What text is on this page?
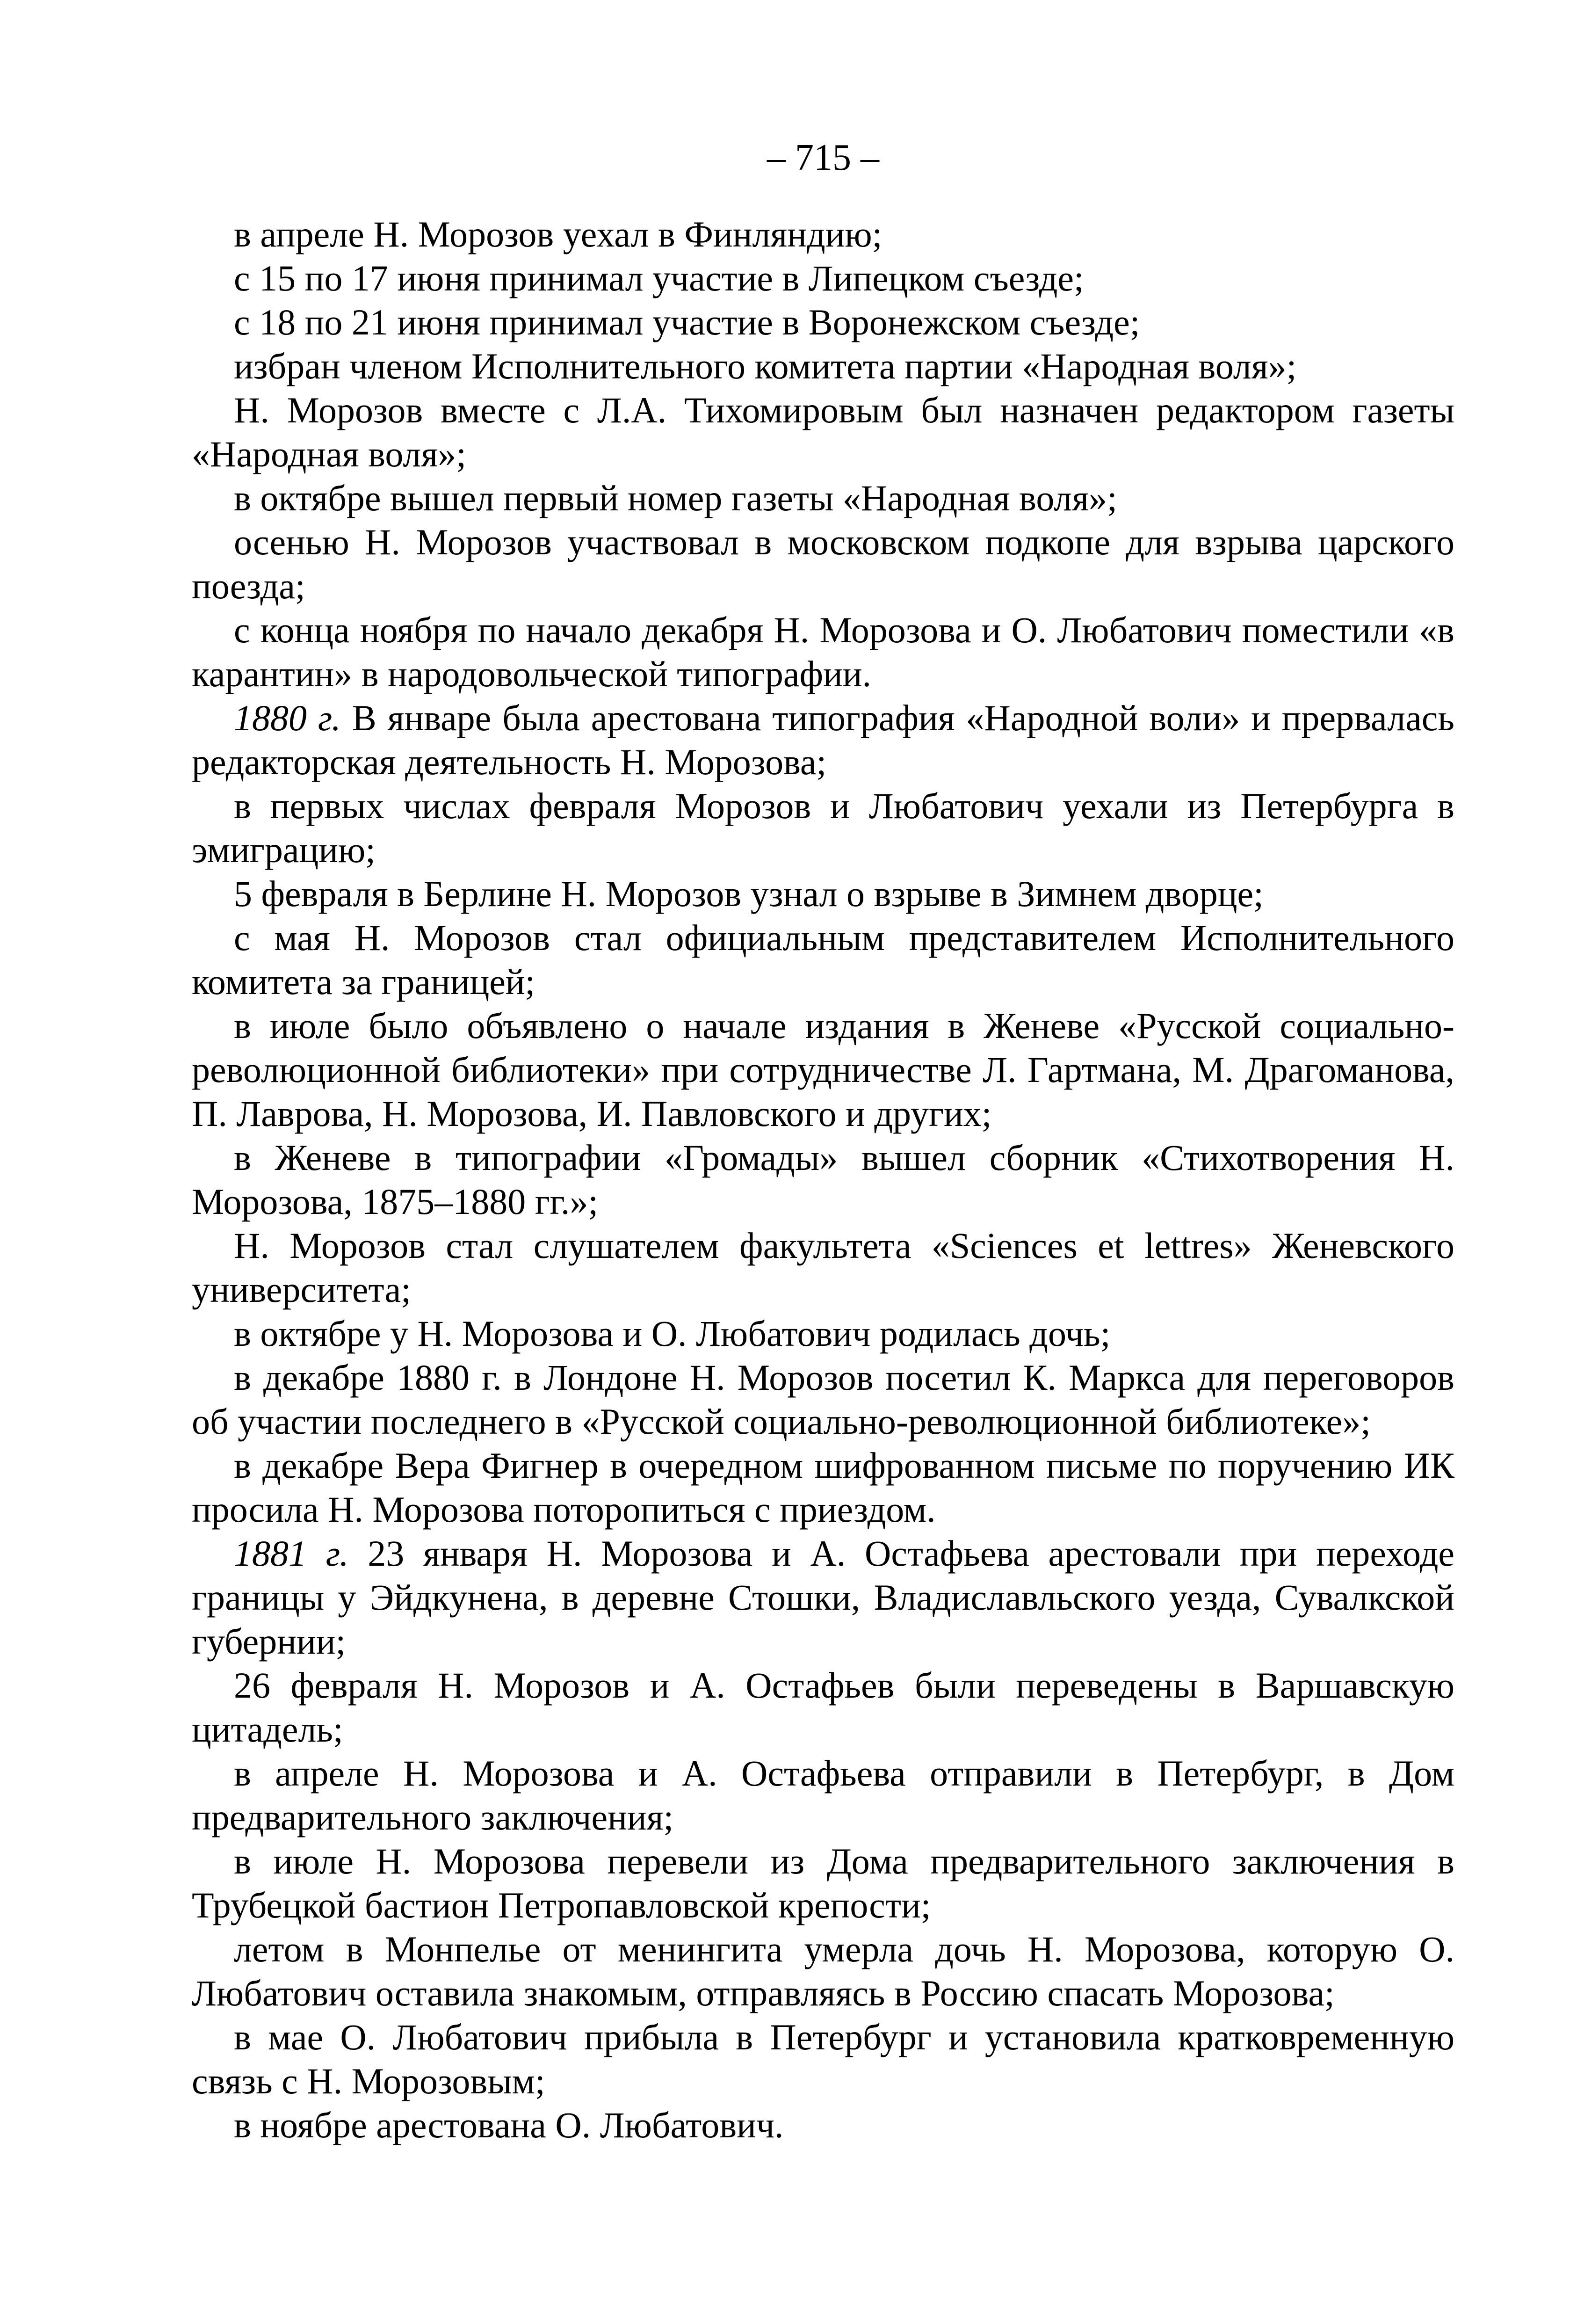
– 715 –

в апреле Н. Морозов уехал в Финляндию;

с 15 по 17 июня принимал участие в Липецком съезде;

с 18 по 21 июня принимал участие в Воронежском съезде;

избран членом Исполнительного комитета партии «Народная воля»;

Н. Морозов вместе с Л.А. Тихомировым был назначен редактором газеты «Народная воля»;

в октябре вышел первый номер газеты «Народная воля»;

осенью Н. Морозов участвовал в московском подкопе для взрыва царского поезда;

с конца ноября по начало декабря Н. Морозова и О. Любатович поместили «в карантин» в народовольческой типографии.

1880 г. В январе была арестована типография «Народной воли» и прервалась редакторская деятельность Н. Морозова;

в первых числах февраля Морозов и Любатович уехали из Петербурга в эмиграцию;

5 февраля в Берлине Н. Морозов узнал о взрыве в Зимнем дворце;

с мая Н. Морозов стал официальным представителем Исполнительного комитета за границей;

в июле было объявлено о начале издания в Женеве «Русской социально-революционной библиотеки» при сотрудничестве Л. Гартмана, М. Драгоманова, П. Лаврова, Н. Морозова, И. Павловского и других;

в Женеве в типографии «Громады» вышел сборник «Стихотворения Н. Морозова, 1875–1880 гг.»;

Н. Морозов стал слушателем факультета «Sciences et lettres» Женевского университета;

в октябре у Н. Морозова и О. Любатович родилась дочь;

в декабре 1880 г. в Лондоне Н. Морозов посетил К. Маркса для переговоров об участии последнего в «Русской социально-революционной библиотеке»;

в декабре Вера Фигнер в очередном шифрованном письме по поручению ИК просила Н. Морозова поторопиться с приездом.

1881 г. 23 января Н. Морозова и А. Остафьева арестовали при переходе границы у Эйдкунена, в деревне Стошки, Владиславльского уезда, Сувалкской губернии;

26 февраля Н. Морозов и А. Остафьев были переведены в Варшавскую цитадель;

в апреле Н. Морозова и А. Остафьева отправили в Петербург, в Дом предварительного заключения;

в июле Н. Морозова перевели из Дома предварительного заключения в Трубецкой бастион Петропавловской крепости;

летом в Монпелье от менингита умерла дочь Н. Морозова, которую О. Любатович оставила знакомым, отправляясь в Россию спасать Морозова;

в мае О. Любатович прибыла в Петербург и установила кратковременную связь с Н. Морозовым;

в ноябре арестована О. Любатович.
